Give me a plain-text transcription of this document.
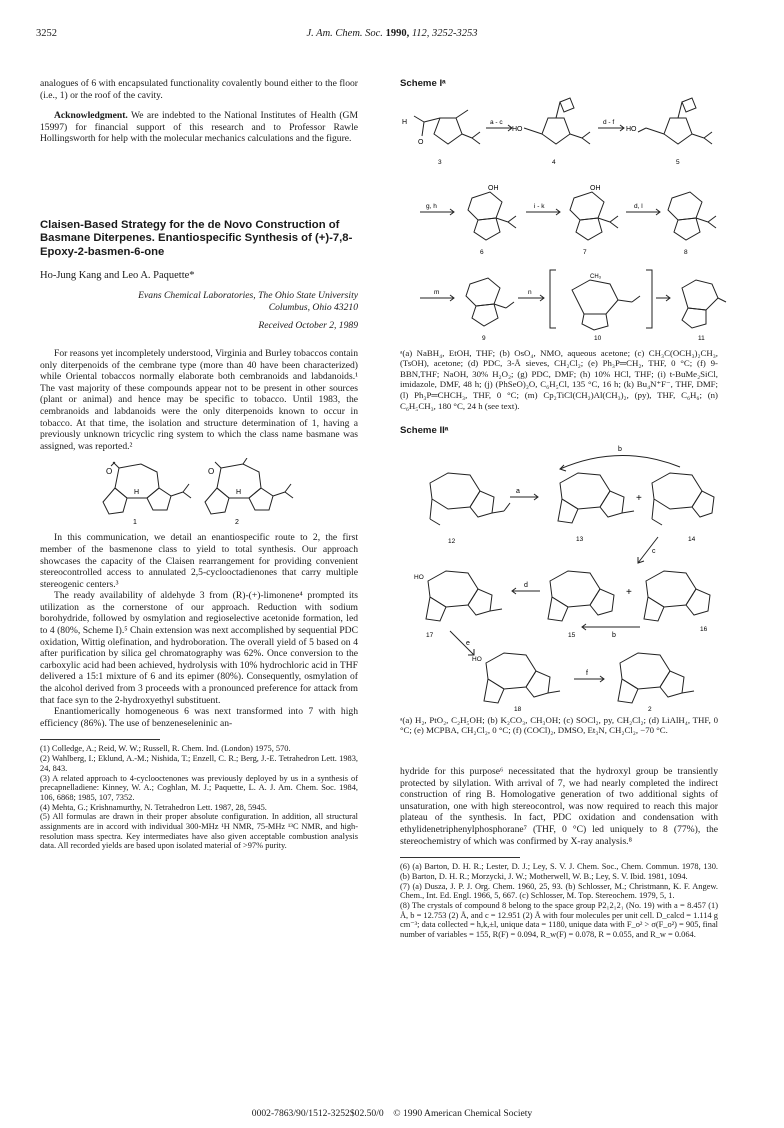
3252	J. Am. Chem. Soc. 1990, 112, 3252-3253

analogues of 6 with encapsulated functionality covalently bound either to the floor (i.e., 1) or the roof of the cavity.

Acknowledgment. We are indebted to the National Institutes of Health (GM 15997) for financial support of this research and to Professor Rawle Hollingsworth for help with the molecular mechanics calculations and the figure.

Claisen-Based Strategy for the de Novo Construction of Basmane Diterpenes. Enantiospecific Synthesis of (+)-7,8-Epoxy-2-basmen-6-one

Ho-Jung Kang and Leo A. Paquette*

Evans Chemical Laboratories, The Ohio State University
Columbus, Ohio 43210

Received October 2, 1989

For reasons yet incompletely understood, Virginia and Burley tobaccos contain only diterpenoids of the cembrane type (more than 40 have been characterized) while Oriental tobaccos normally elaborate both cembranoids and labdanoids.¹ The vast majority of these compounds appear not to be present in other sources (plant or animal) and hence may be specific to tobacco. Until 1983, the cembranoids and labdanoids were the only diterpenoids known to occur in tobacco. At that time, the isolation and structure determination of 1, having a previously unknown tricyclic ring system to which the class name basmane was assigned, was reported.²

O	O
H	H
1	2

In this communication, we detail an enantiospecific route to 2, the first member of the basmenone class to yield to total synthesis. Our approach showcases the capacity of the Claisen rearrangement for providing convenient stereocontrolled access to annulated 2,5-cyclooctadienones that carry multiple stereogenic centers.³

The ready availability of aldehyde 3 from (R)-(+)-limonene⁴ prompted its utilization as the cornerstone of our approach. Reduction with sodium borohydride, followed by osmylation and regioselective acetonide formation, led to 4 (80%, Scheme I).⁵ Chain extension was next accomplished by sequential PDC oxidation, Wittig olefination, and hydroboration. The overall yield of 5 based on 4 after purification by silica gel chromatography was 62%. Once conversion to the carboxylic acid had been achieved, hydrolysis with 10% hydrochloric acid in THF delivered a 15:1 mixture of 6 and its epimer (80%). Consequently, osmylation of the alcohol derived from 3 proceeds with a pronounced preference for attack from that face syn to the 2-hydroxyethyl substituent.

Enantiomerically homogeneous 6 was next transformed into 7 with high efficiency (86%). The use of benzeneseleninic an-

(1) Colledge, A.; Reid, W. W.; Russell, R. Chem. Ind. (London) 1975, 570.

(2) Wahlberg, I.; Eklund, A.-M.; Nishida, T.; Enzell, C. R.; Berg, J.-E. Tetrahedron Lett. 1983, 24, 843.

(3) A related approach to 4-cyclooctenones was previously deployed by us in a synthesis of precapnelladiene: Kinney, W. A.; Coghlan, M. J.; Paquette, L. A. J. Am. Chem. Soc. 1984, 106, 6868; 1985, 107, 7352.

(4) Mehta, G.; Krishnamurthy, N. Tetrahedron Lett. 1987, 28, 5945.

(5) All formulas are drawn in their proper absolute configuration. In addition, all structural assignments are in accord with individual 300-MHz ¹H NMR, 75-MHz ¹³C NMR, and high-resolution mass spectra. Key intermediates have also given acceptable combustion analysis data. All recorded yields are based upon isolated material of >97% purity.

Scheme Iᵃ

H
O
HO	HO
OH	OH
CH₃
a - c	d - f
g, h	i - k	d, l
m	n
3	4	5
6	7	8
9	10	11

ᵃ(a) NaBH₄, EtOH, THF; (b) OsO₄, NMO, aqueous acetone; (c) CH₃C(OCH₃)₂CH₃, (TsOH), acetone; (d) PDC, 3-Å sieves, CH₂Cl₂; (e) Ph₃P═CH₂, THF, 0 °C; (f) 9-BBN,THF; NaOH, 30% H₂O₂; (g) PDC, DMF; (h) 10% HCl, THF; (i) t-BuMe₂SiCl, imidazole, DMF, 48 h; (j) (PhSeO)₂O, C₆H₅Cl, 135 °C, 16 h; (k) Bu₄N⁺F⁻, THF, DMF; (l) Ph₃P═CHCH₃, THF, 0 °C; (m) Cp₂TiCl(CH₂)Al(CH₃)₂, (py), THF, C₆H₆; (n) C₆H₅CH₃, 180 °C, 24 h (see text).

Scheme IIᵃ

a
+
b
c
d
+
b
e
f
HO
HO
12	13	14
17	15
16
18	2

ᵃ(a) H₂, PtO₂, C₂H₅OH; (b) K₂CO₃, CH₃OH; (c) SOCl₂, py, CH₂Cl₂; (d) LiAlH₄, THF, 0 °C; (e) MCPBA, CH₂Cl₂, 0 °C; (f) (COCl)₂, DMSO, Et₃N, CH₂Cl₂, −70 °C.

hydride for this purpose⁶ necessitated that the hydroxyl group be transiently protected by silylation. With arrival of 7, we had nearly completed the indirect construction of ring B. Homologative generation of two additional sights of unsaturation, one with high stereocontrol, was now required to reach this major plateau of the synthesis. In fact, PDC oxidation and condensation with ethylidenetriphenylphosphorane⁷ (THF, 0 °C) led uniquely to 8 (77%), the stereochemistry of which was confirmed by X-ray analysis.⁸

(6) (a) Barton, D. H. R.; Lester, D. J.; Ley, S. V. J. Chem. Soc., Chem. Commun. 1978, 130. (b) Barton, D. H. R.; Morzycki, J. W.; Motherwell, W. B.; Ley, S. V. Ibid. 1981, 1094.

(7) (a) Dusza, J. P. J. Org. Chem. 1960, 25, 93. (b) Schlosser, M.; Christmann, K. F. Angew. Chem., Int. Ed. Engl. 1966, 5, 667. (c) Schlosser, M. Top. Stereochem. 1979, 5, 1.

(8) The crystals of compound 8 belong to the space group P2₁2₁2₁ (No. 19) with a = 8.457 (1) Å, b = 12.753 (2) Å, and c = 12.951 (2) Å with four molecules per unit cell. D_calcd = 1.114 g cm⁻³; data collected = h,k,±l, unique data = 1180, unique data with F_o² > σ(F_o²) = 905, final number of variables = 155, R(F) = 0.094, R_w(F) = 0.078, R = 0.055, and R_w = 0.064.

0002-7863/90/1512-3252$02.50/0 © 1990 American Chemical Society
